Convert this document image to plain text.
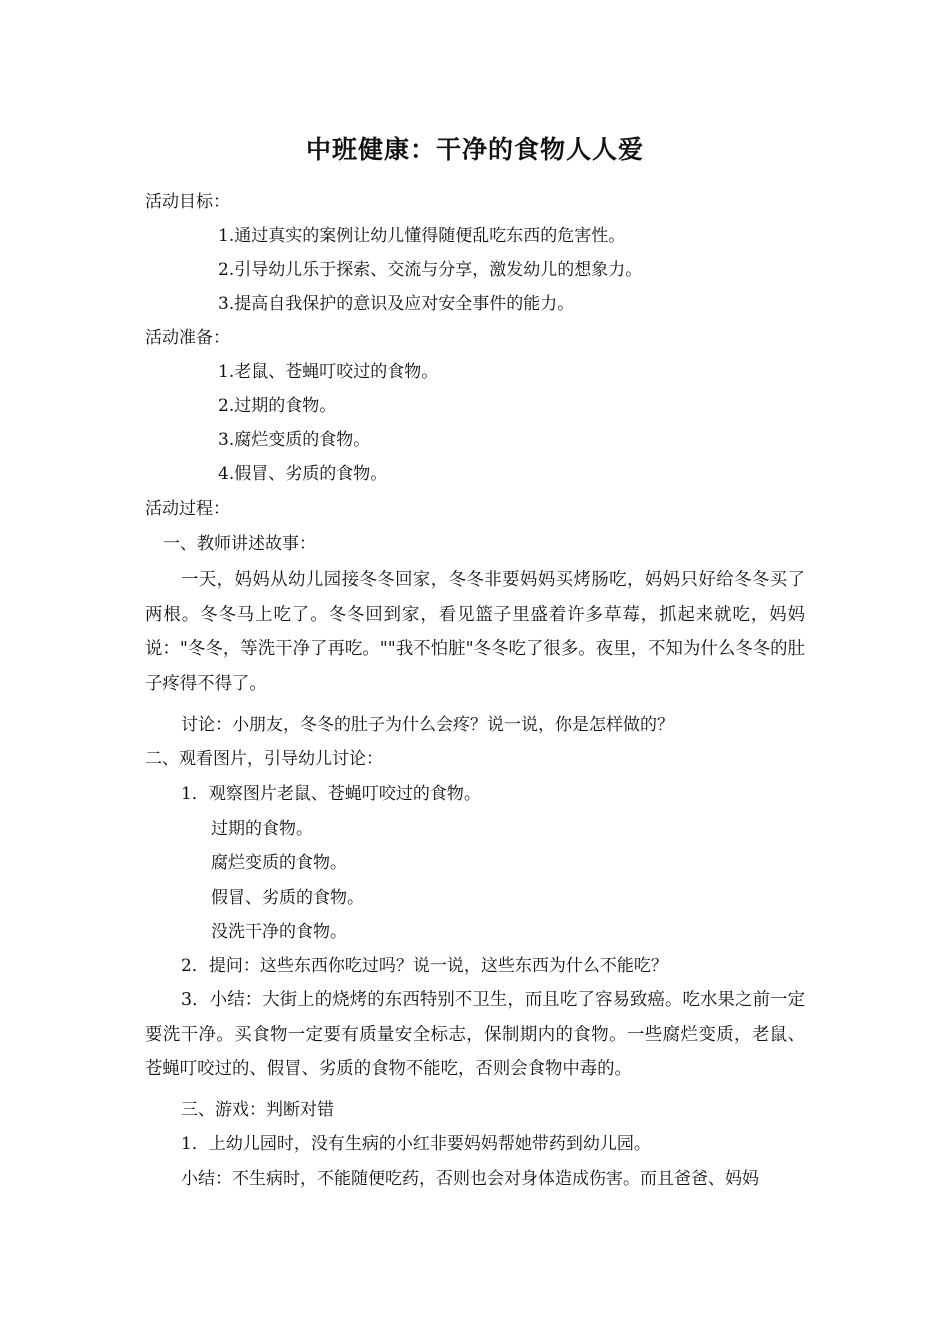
中班健康：干净的食物人人爱
活动目标：
1.通过真实的案例让幼儿懂得随便乱吃东西的危害性。
2.引导幼儿乐于探索、交流与分享，激发幼儿的想象力。
3.提高自我保护的意识及应对安全事件的能力。
活动准备：
1.老鼠、苍蝇叮咬过的食物。
2.过期的食物。
3.腐烂变质的食物。
4.假冒、劣质的食物。
活动过程：
一、教师讲述故事：
一天，妈妈从幼儿园接冬冬回家，冬冬非要妈妈买烤肠吃，妈妈只好给冬冬买了两根。冬冬马上吃了。冬冬回到家，看见篮子里盛着许多草莓，抓起来就吃，妈妈说："冬冬，等洗干净了再吃。""我不怕脏"冬冬吃了很多。夜里，不知为什么冬冬的肚子疼得不得了。
讨论：小朋友，冬冬的肚子为什么会疼？说一说，你是怎样做的？
二、观看图片，引导幼儿讨论：
1．观察图片老鼠、苍蝇叮咬过的食物。
过期的食物。
腐烂变质的食物。
假冒、劣质的食物。
没洗干净的食物。
2．提问：这些东西你吃过吗？说一说，这些东西为什么不能吃？
3．小结：大街上的烧烤的东西特别不卫生，而且吃了容易致癌。吃水果之前一定要洗干净。买食物一定要有质量安全标志，保制期内的食物。一些腐烂变质，老鼠、苍蝇叮咬过的、假冒、劣质的食物不能吃，否则会食物中毒的。
三、游戏：判断对错
1．上幼儿园时，没有生病的小红非要妈妈帮她带药到幼儿园。
小结：不生病时，不能随便吃药，否则也会对身体造成伤害。而且爸爸、妈妈
